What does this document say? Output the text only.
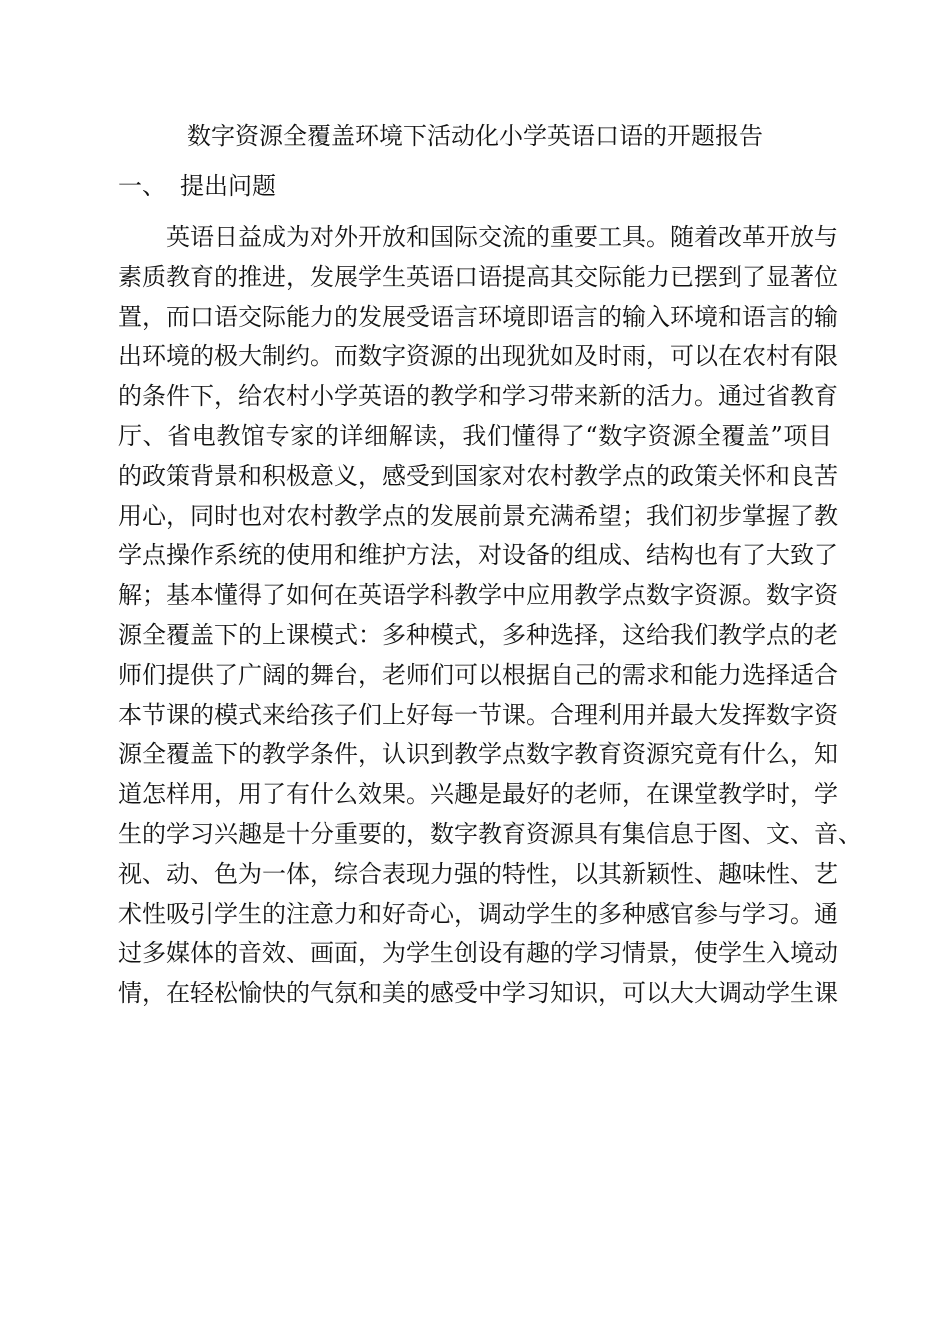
数字资源全覆盖环境下活动化小学英语口语的开题报告
一、 提出问题
英语日益成为对外开放和国际交流的重要工具。随着改革开放与
素质教育的推进，发展学生英语口语提高其交际能力已摆到了显著位
置，而口语交际能力的发展受语言环境即语言的输入环境和语言的输
出环境的极大制约。而数字资源的出现犹如及时雨，可以在农村有限
的条件下，给农村小学英语的教学和学习带来新的活力。通过省教育
厅、省电教馆专家的详细解读，我们懂得了“数字资源全覆盖”项目
的政策背景和积极意义，感受到国家对农村教学点的政策关怀和良苦
用心，同时也对农村教学点的发展前景充满希望；我们初步掌握了教
学点操作系统的使用和维护方法，对设备的组成、结构也有了大致了
解；基本懂得了如何在英语学科教学中应用教学点数字资源。数字资
源全覆盖下的上课模式：多种模式，多种选择，这给我们教学点的老
师们提供了广阔的舞台，老师们可以根据自己的需求和能力选择适合
本节课的模式来给孩子们上好每一节课。合理利用并最大发挥数字资
源全覆盖下的教学条件，认识到教学点数字教育资源究竟有什么，知
道怎样用，用了有什么效果。兴趣是最好的老师，在课堂教学时，学
生的学习兴趣是十分重要的，数字教育资源具有集信息于图、文、音、
视、动、色为一体，综合表现力强的特性，以其新颖性、趣味性、艺
术性吸引学生的注意力和好奇心，调动学生的多种感官参与学习。通
过多媒体的音效、画面，为学生创设有趣的学习情景，使学生入境动
情，在轻松愉快的气氛和美的感受中学习知识，可以大大调动学生课
